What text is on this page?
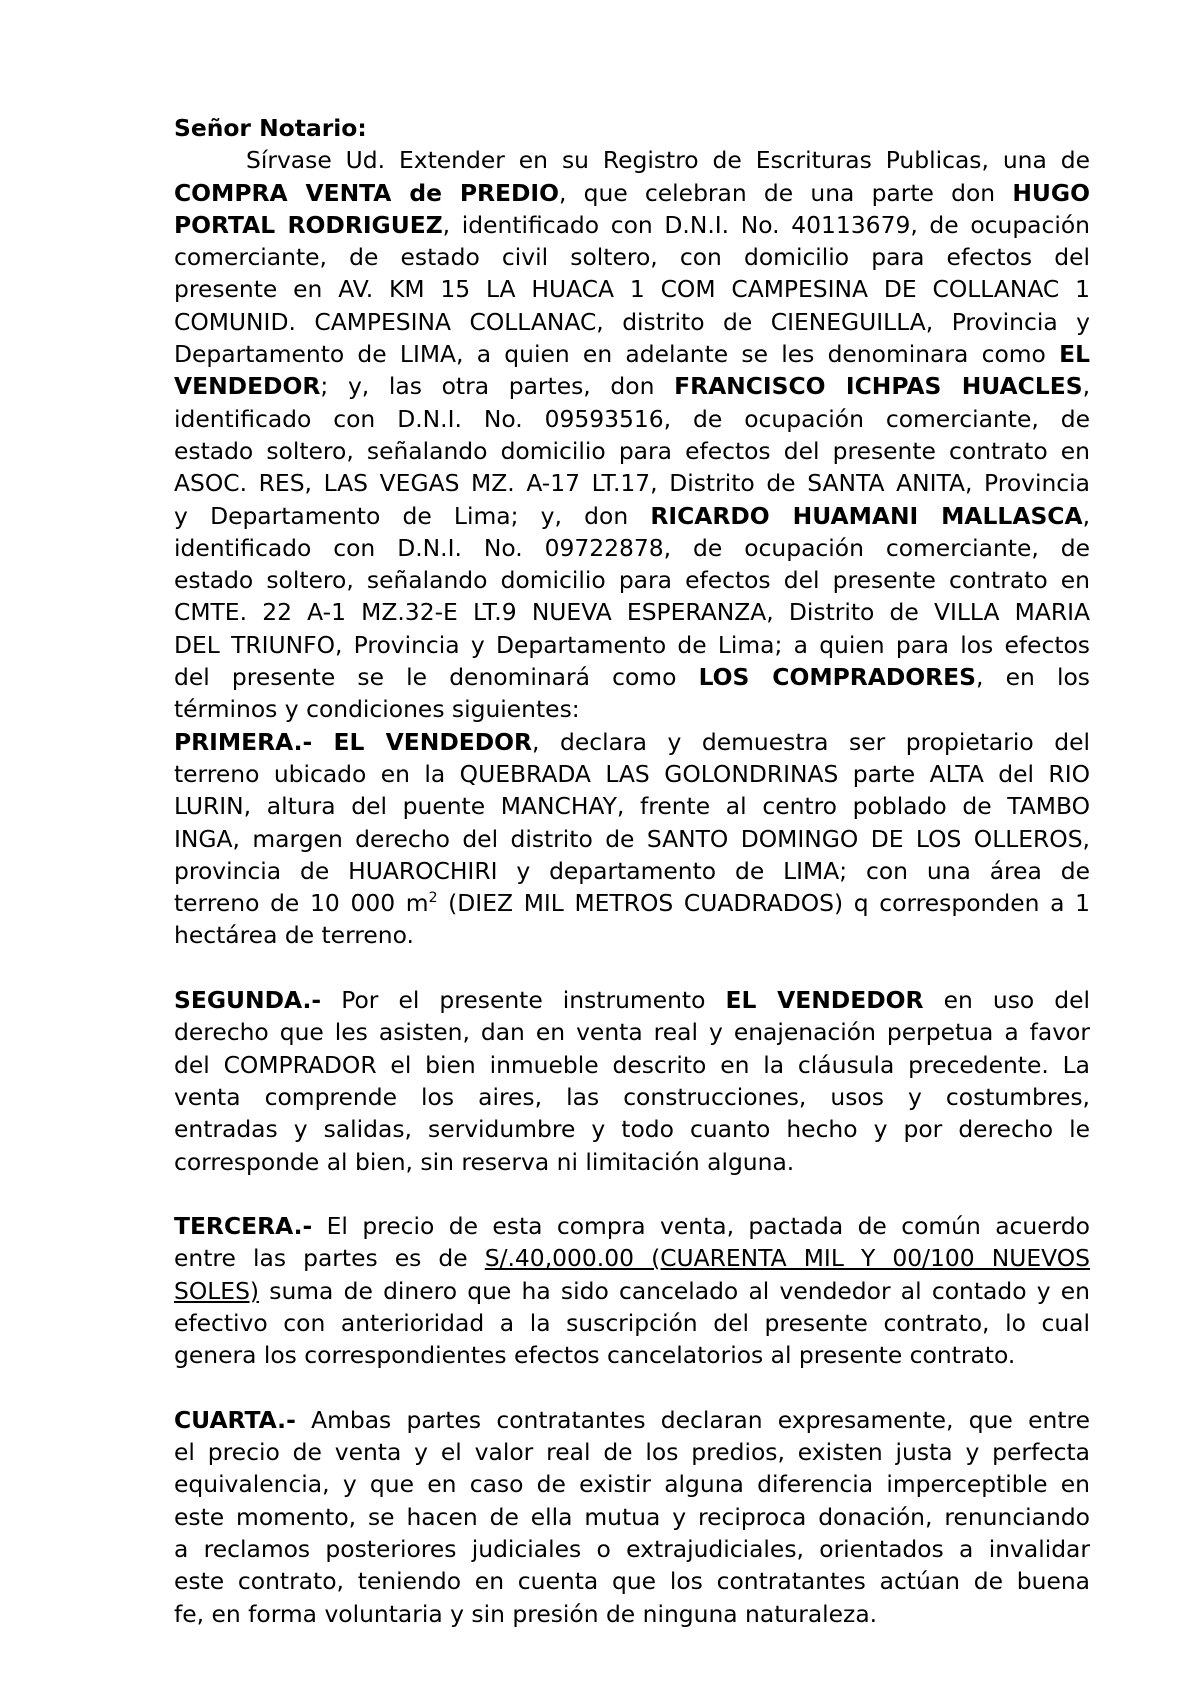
Señor Notario:
Sírvase Ud. Extender en su Registro de Escrituras Publicas, una de
COMPRA VENTA de PREDIO, que celebran de una parte don HUGO
PORTAL RODRIGUEZ, identificado con D.N.I. No. 40113679, de ocupación
comerciante, de estado civil soltero, con domicilio para efectos del
presente en AV. KM 15 LA HUACA 1 COM CAMPESINA DE COLLANAC 1
COMUNID. CAMPESINA COLLANAC, distrito de CIENEGUILLA, Provincia y
Departamento de LIMA, a quien en adelante se les denominara como EL
VENDEDOR; y, las otra partes, don FRANCISCO ICHPAS HUACLES,
identificado con D.N.I. No. 09593516, de ocupación comerciante, de
estado soltero, señalando domicilio para efectos del presente contrato en
ASOC. RES, LAS VEGAS MZ. A-17 LT.17, Distrito de SANTA ANITA, Provincia
y Departamento de Lima; y, don RICARDO HUAMANI MALLASCA,
identificado con D.N.I. No. 09722878, de ocupación comerciante, de
estado soltero, señalando domicilio para efectos del presente contrato en
CMTE. 22 A-1 MZ.32-E LT.9 NUEVA ESPERANZA, Distrito de VILLA MARIA
DEL TRIUNFO, Provincia y Departamento de Lima; a quien para los efectos
del presente se le denominará como LOS COMPRADORES, en los
términos y condiciones siguientes:
PRIMERA.- EL VENDEDOR, declara y demuestra ser propietario del
terreno ubicado en la QUEBRADA LAS GOLONDRINAS parte ALTA del RIO
LURIN, altura del puente MANCHAY, frente al centro poblado de TAMBO
INGA, margen derecho del distrito de SANTO DOMINGO DE LOS OLLEROS,
provincia de HUAROCHIRI y departamento de LIMA; con una área de
terreno de 10 000 $m^2$ (DIEZ MIL METROS CUADRADOS) q corresponden a 1
hectárea de terreno.
SEGUNDA.- Por el presente instrumento EL VENDEDOR en uso del
derecho que les asisten, dan en venta real y enajenación perpetua a favor
del COMPRADOR el bien inmueble descrito en la cláusula precedente. La
venta comprende los aires, las construcciones, usos y costumbres,
entradas y salidas, servidumbre y todo cuanto hecho y por derecho le
corresponde al bien, sin reserva ni limitación alguna.
TERCERA.- El precio de esta compra venta, pactada de común acuerdo
entre las partes es de S/.40,000.00 (CUARENTA MIL Y 00/100 NUEVOS
SOLES) suma de dinero que ha sido cancelado al vendedor al contado y en
efectivo con anterioridad a la suscripción del presente contrato, lo cual
genera los correspondientes efectos cancelatorios al presente contrato.
CUARTA.- Ambas partes contratantes declaran expresamente, que entre
el precio de venta y el valor real de los predios, existen justa y perfecta
equivalencia, y que en caso de existir alguna diferencia imperceptible en
este momento, se hacen de ella mutua y reciproca donación, renunciando
a reclamos posteriores judiciales o extrajudiciales, orientados a invalidar
este contrato, teniendo en cuenta que los contratantes actúan de buena
fe, en forma voluntaria y sin presión de ninguna naturaleza.
